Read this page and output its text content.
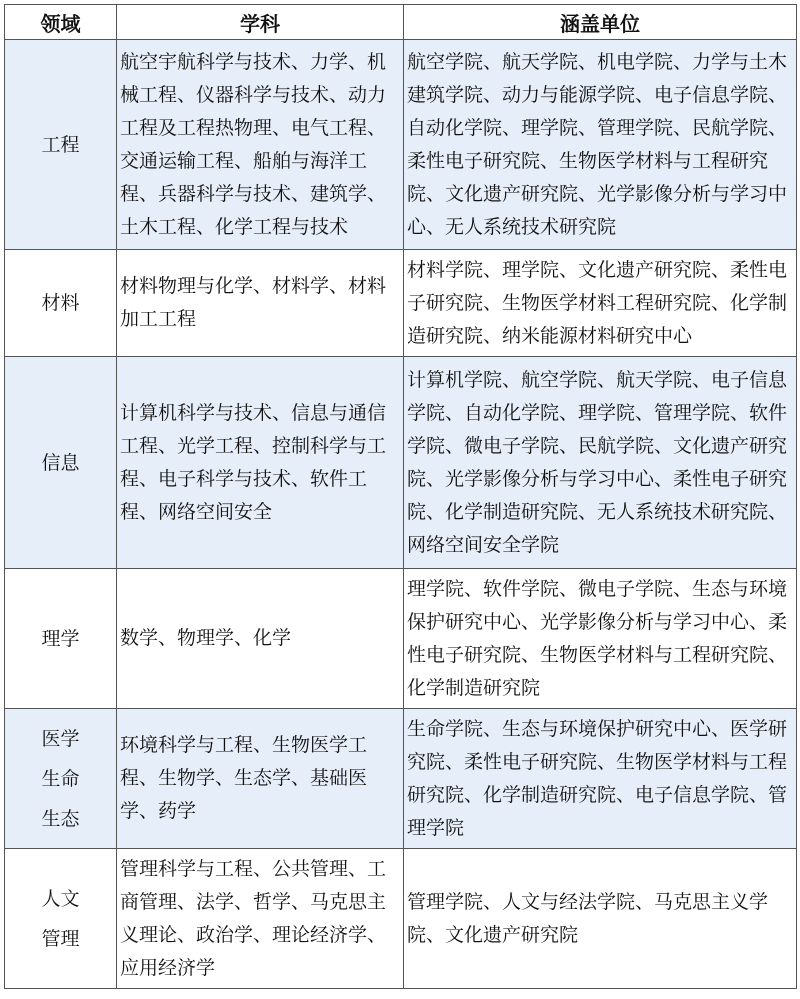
领域	学科	涵盖单位

工程	航空宇航科学与技术、力学、机械工程、仪器科学与技术、动力工程及工程热物理、电气工程、交通运输工程、船舶与海洋工程、兵器科学与技术、建筑学、土木工程、化学工程与技术	航空学院、航天学院、机电学院、力学与土木建筑学院、动力与能源学院、电子信息学院、自动化学院、理学院、管理学院、民航学院、柔性电子研究院、生物医学材料与工程研究院、文化遗产研究院、光学影像分析与学习中心、无人系统技术研究院

材料	材料物理与化学、材料学、材料加工工程	材料学院、理学院、文化遗产研究院、柔性电子研究院、生物医学材料工程研究院、化学制造研究院、纳米能源材料研究中心

信息	计算机科学与技术、信息与通信工程、光学工程、控制科学与工程、电子科学与技术、软件工程、网络空间安全	计算机学院、航空学院、航天学院、电子信息学院、自动化学院、理学院、管理学院、软件学院、微电子学院、民航学院、文化遗产研究院、光学影像分析与学习中心、柔性电子研究院、化学制造研究院、无人系统技术研究院、网络空间安全学院

理学	数学、物理学、化学	理学院、软件学院、微电子学院、生态与环境保护研究中心、光学影像分析与学习中心、柔性电子研究院、生物医学材料与工程研究院、化学制造研究院

医学
生命
生态	环境科学与工程、生物医学工程、生物学、生态学、基础医学、药学	生命学院、生态与环境保护研究中心、医学研究院、柔性电子研究院、生物医学材料与工程研究院、化学制造研究院、电子信息学院、管理学院

人文
管理	管理科学与工程、公共管理、工商管理、法学、哲学、马克思主义理论、政治学、理论经济学、应用经济学	管理学院、人文与经法学院、马克思主义学院、文化遗产研究院
